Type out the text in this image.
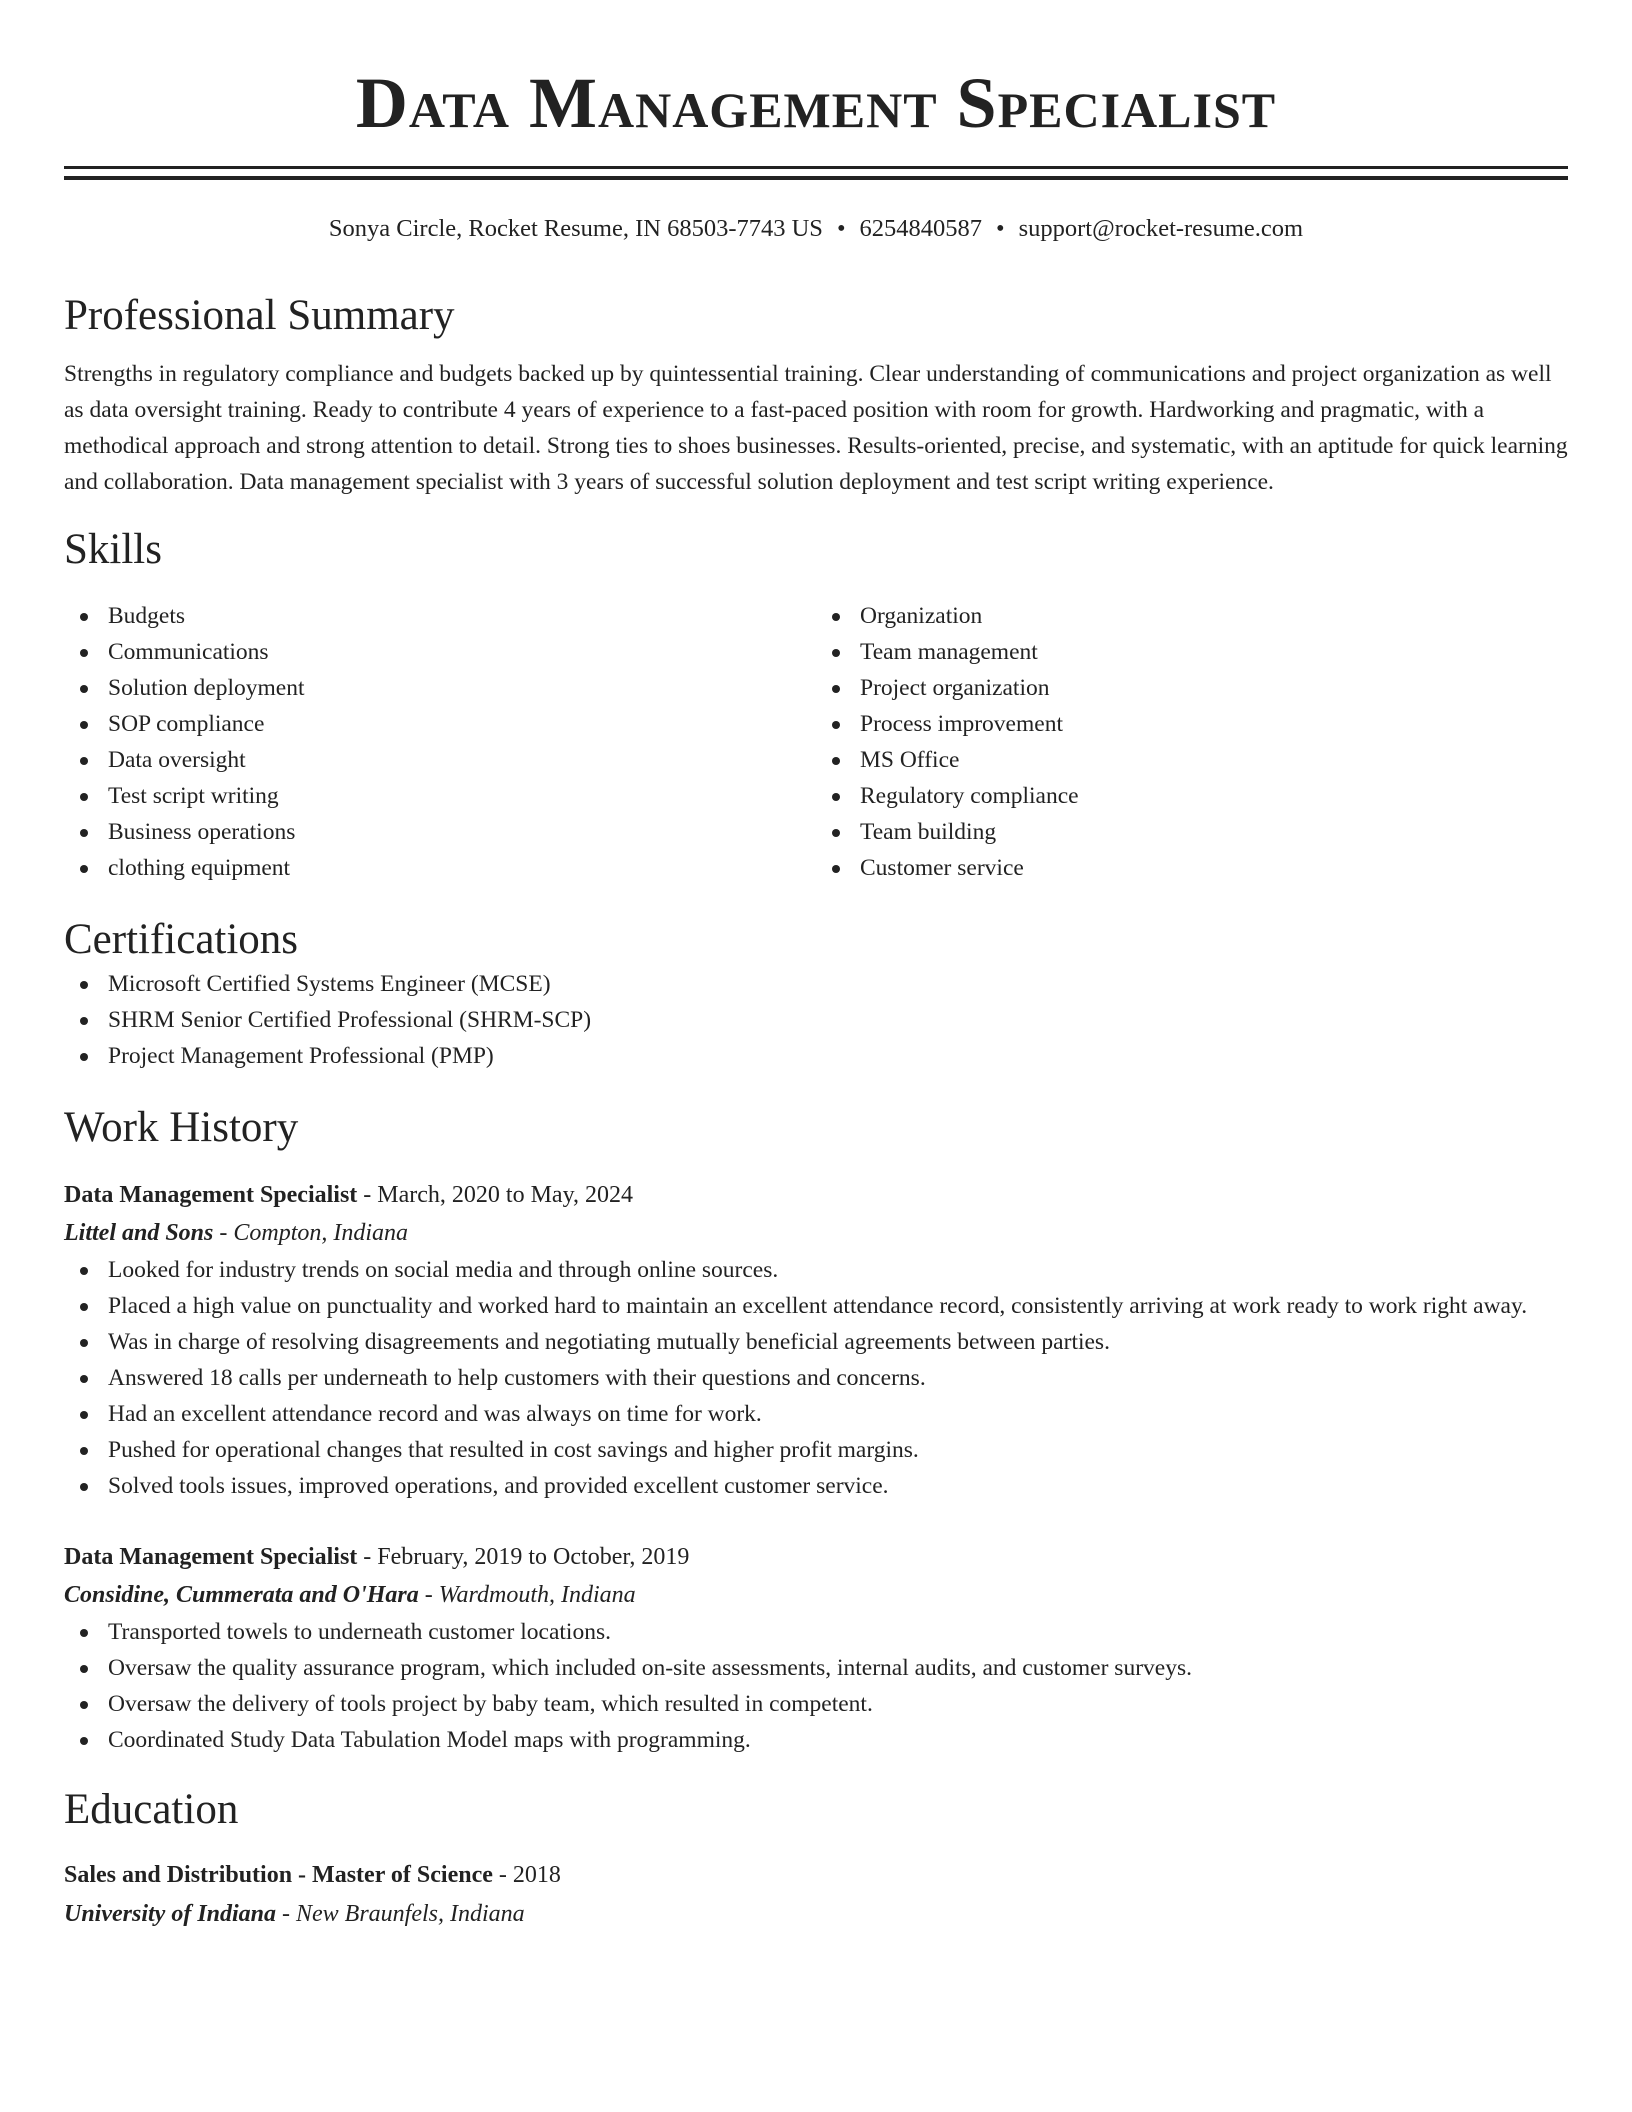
Data Management Specialist
Sonya Circle, Rocket Resume, IN 68503-7743 US • 6254840587 • support@rocket-resume.com
Professional Summary

Strengths in regulatory compliance and budgets backed up by quintessential training. Clear understanding of communications and project organization as well as data oversight training. Ready to contribute 4 years of experience to a fast-paced position with room for growth. Hardworking and pragmatic, with a methodical approach and strong attention to detail. Strong ties to shoes businesses. Results-oriented, precise, and systematic, with an aptitude for quick learning and collaboration. Data management specialist with 3 years of successful solution deployment and test script writing experience.

Skills
Budgets
Communications
Solution deployment
SOP compliance
Data oversight
Test script writing
Business operations
clothing equipment
Organization
Team management
Project organization
Process improvement
MS Office
Regulatory compliance
Team building
Customer service
Certifications
Microsoft Certified Systems Engineer (MCSE)
SHRM Senior Certified Professional (SHRM-SCP)
Project Management Professional (PMP)
Work History
Data Management Specialist - March, 2020 to May, 2024
Littel and Sons - Compton, Indiana
Looked for industry trends on social media and through online sources.
Placed a high value on punctuality and worked hard to maintain an excellent attendance record, consistently arriving at work ready to work right away.
Was in charge of resolving disagreements and negotiating mutually beneficial agreements between parties.
Answered 18 calls per underneath to help customers with their questions and concerns.
Had an excellent attendance record and was always on time for work.
Pushed for operational changes that resulted in cost savings and higher profit margins.
Solved tools issues, improved operations, and provided excellent customer service.
Data Management Specialist - February, 2019 to October, 2019
Considine, Cummerata and O'Hara - Wardmouth, Indiana
Transported towels to underneath customer locations.
Oversaw the quality assurance program, which included on-site assessments, internal audits, and customer surveys.
Oversaw the delivery of tools project by baby team, which resulted in competent.
Coordinated Study Data Tabulation Model maps with programming.
Education
Sales and Distribution - Master of Science - 2018
University of Indiana - New Braunfels, Indiana
